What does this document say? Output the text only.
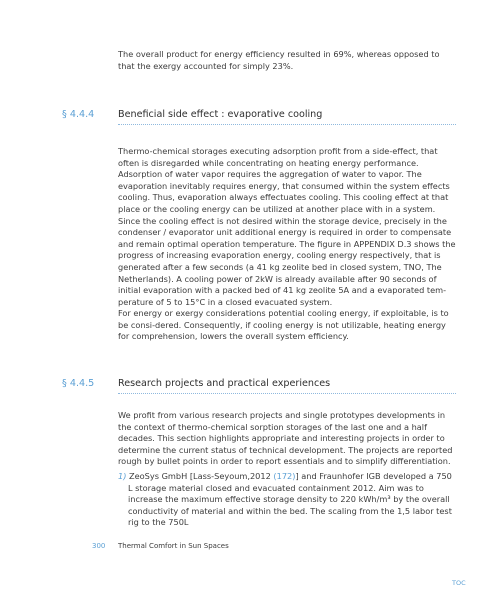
The overall product for energy efficiency resulted in 69%, whereas opposed to that the exergy accounted for simply 23%.

§ 4.4.4 Beneficial side effect : evaporative cooling

Thermo-chemical storages executing adsorption profit from a side-effect, that often is disregarded while concentrating on heating energy performance. Adsorption of water vapor requires the aggregation of water to vapor. The evaporation inevitably requires energy, that consumed within the system effects cooling. Thus, evaporation always effectuates cooling. This cooling effect at that place or the cooling energy can be utilized at another place with in a system. Since the cooling effect is not desired within the storage device, precisely in the condenser / evaporator unit additional energy is required in order to compensate and remain optimal operation temperature. The figure in APPENDIX D.3 shows the progress of increasing evaporation energy, cooling energy respectively, that is generated after a few seconds (a 41 kg zeolite bed in closed system, TNO, The Netherlands). A cooling power of 2kW is already available after 90 seconds of initial evaporation with a packed bed of 41 kg zeolite 5A and a evaporated tem-perature of 5 to 15°C in a closed evacuated system.

For energy or exergy considerations potential cooling energy, if exploitable, is to be consi-dered. Consequently, if cooling energy is not utilizable, heating energy for comprehension, lowers the overall system efficiency.

§ 4.4.5 Research projects and practical experiences

We profit from various research projects and single prototypes developments in the context of thermo-chemical sorption storages of the last one and a half decades. This section highlights appropriate and interesting projects in order to determine the current status of technical development. The projects are reported rough by bullet points in order to report essentials and to simplify differentiation.

1) ZeoSys GmbH [Lass-Seyoum,2012 (172)] and Fraunhofer IGB developed a 750
L storage material closed and evacuated containment 2012. Aim was to increase the maximum effective storage density to 220 kWh/m³ by the overall conductivity of material and within the bed. The scaling from the 1,5 labor test rig to the 750L

300 Thermal Comfort in Sun Spaces
TOC
